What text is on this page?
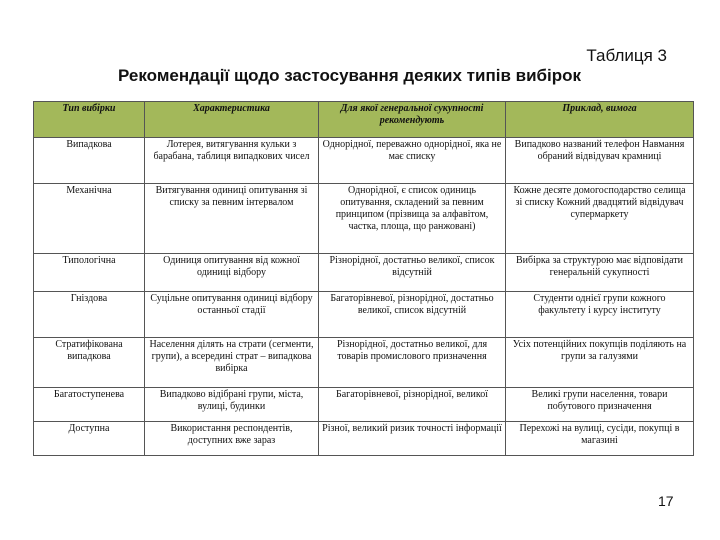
Таблиця 3
Рекомендації щодо застосування деяких типів вибірок
Тип вибірки	Характеристика	Для якої генеральної сукупності рекомендують	Приклад, вимога
Випадкова	Лотерея, витягування кульки з барабана, таблиця випадкових чисел	Однорідної, переважно однорідної, яка не має списку	Випадково названий телефон Навмання обраний відвідувач крамниці
Механічна	Витягування одиниці опитування зі списку за певним інтервалом	Однорідної, є список одиниць опитування, складений за певним принципом (прізвища за алфавітом, частка, площа, що ранжовані)	Кожне десяте домогосподарство селища зі списку Кожний двадцятий відвідувач супермаркету
Типологічна	Одиниця опитування від кожної одиниці відбору	Різнорідної, достатньо великої, список відсутній	Вибірка за структурою має відповідати генеральній сукупності
Гніздова	Суцільне опитування одиниці відбору останньої стадії	Багаторівневої, різнорідної, достатньо великої, список відсутній	Студенти однієї групи кожного факультету і курсу інституту
Стратифікована випадкова	Населення ділять на страти (сегменти, групи), а всередині страт – випадкова вибірка	Різнорідної, достатньо великої, для товарів промислового призначення	Усіх потенційних покупців поділяють на групи за галузями
Багатоступенева	Випадково відібрані групи, міста, вулиці, будинки	Багаторівневої, різнорідної, великої	Великі групи населення, товари побутового призначення
Доступна	Використання респондентів, доступних вже зараз	Різної, великий ризик точності інформації	Перехожі на вулиці, сусіди, покупці в магазині
17
